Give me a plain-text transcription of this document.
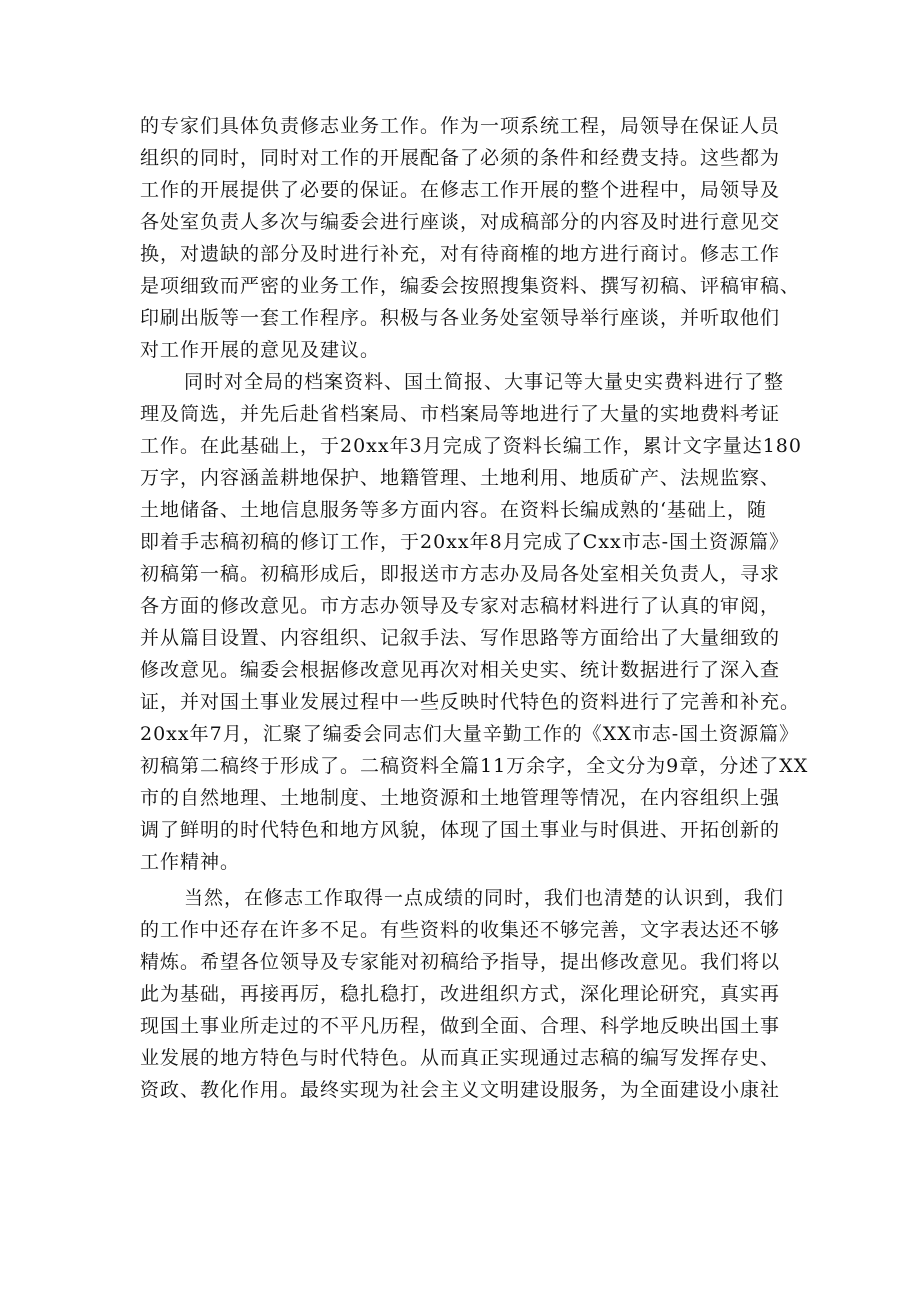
的专家们具体负责修志业务工作。作为一项系统工程，局领导在保证人员
组织的同时，同时对工作的开展配备了必须的条件和经费支持。这些都为
工作的开展提供了必要的保证。在修志工作开展的整个进程中，局领导及
各处室负责人多次与编委会进行座谈，对成稿部分的内容及时进行意见交
换，对遗缺的部分及时进行补充，对有待商榷的地方进行商讨。修志工作
是项细致而严密的业务工作，编委会按照搜集资料、撰写初稿、评稿审稿、
印刷出版等一套工作程序。积极与各业务处室领导举行座谈，并听取他们
对工作开展的意见及建议。
同时对全局的档案资料、国土简报、大事记等大量史实费料进行了整
理及筒选，并先后赴省档案局、市档案局等地进行了大量的实地费料考证
工作。在此基础上，于20xx年3月完成了资料长编工作，累计文字量达180
万字，内容涵盖耕地保护、地籍管理、土地利用、地质矿产、法规监察、
土地储备、土地信息服务等多方面内容。在资料长编成熟的‘基础上，随
即着手志稿初稿的修订工作，于20xx年8月完成了Cxx市志-国土资源篇》
初稿第一稿。初稿形成后，即报送市方志办及局各处室相关负责人，寻求
各方面的修改意见。市方志办领导及专家对志稿材料进行了认真的审阅，
并从篇目设置、内容组织、记叙手法、写作思路等方面给出了大量细致的
修改意见。编委会根据修改意见再次对相关史实、统计数据进行了深入查
证，并对国土事业发展过程中一些反映时代特色的资料进行了完善和补充。
20xx年7月，汇聚了编委会同志们大量辛勤工作的《XX市志-国土资源篇》
初稿第二稿终于形成了。二稿资料全篇11万余字，全文分为9章，分述了XX
市的自然地理、土地制度、土地资源和土地管理等情况，在内容组织上强
调了鲜明的时代特色和地方风貌，体现了国土事业与时俱进、开拓创新的
工作精神。
当然，在修志工作取得一点成绩的同时，我们也清楚的认识到，我们
的工作中还存在许多不足。有些资料的收集还不够完善，文字表达还不够
精炼。希望各位领导及专家能对初稿给予指导，提出修改意见。我们将以
此为基础，再接再厉，稳扎稳打，改进组织方式，深化理论研究，真实再
现国土事业所走过的不平凡历程，做到全面、合理、科学地反映出国土事
业发展的地方特色与时代特色。从而真正实现通过志稿的编写发挥存史、
资政、教化作用。最终实现为社会主义文明建设服务，为全面建设小康社
